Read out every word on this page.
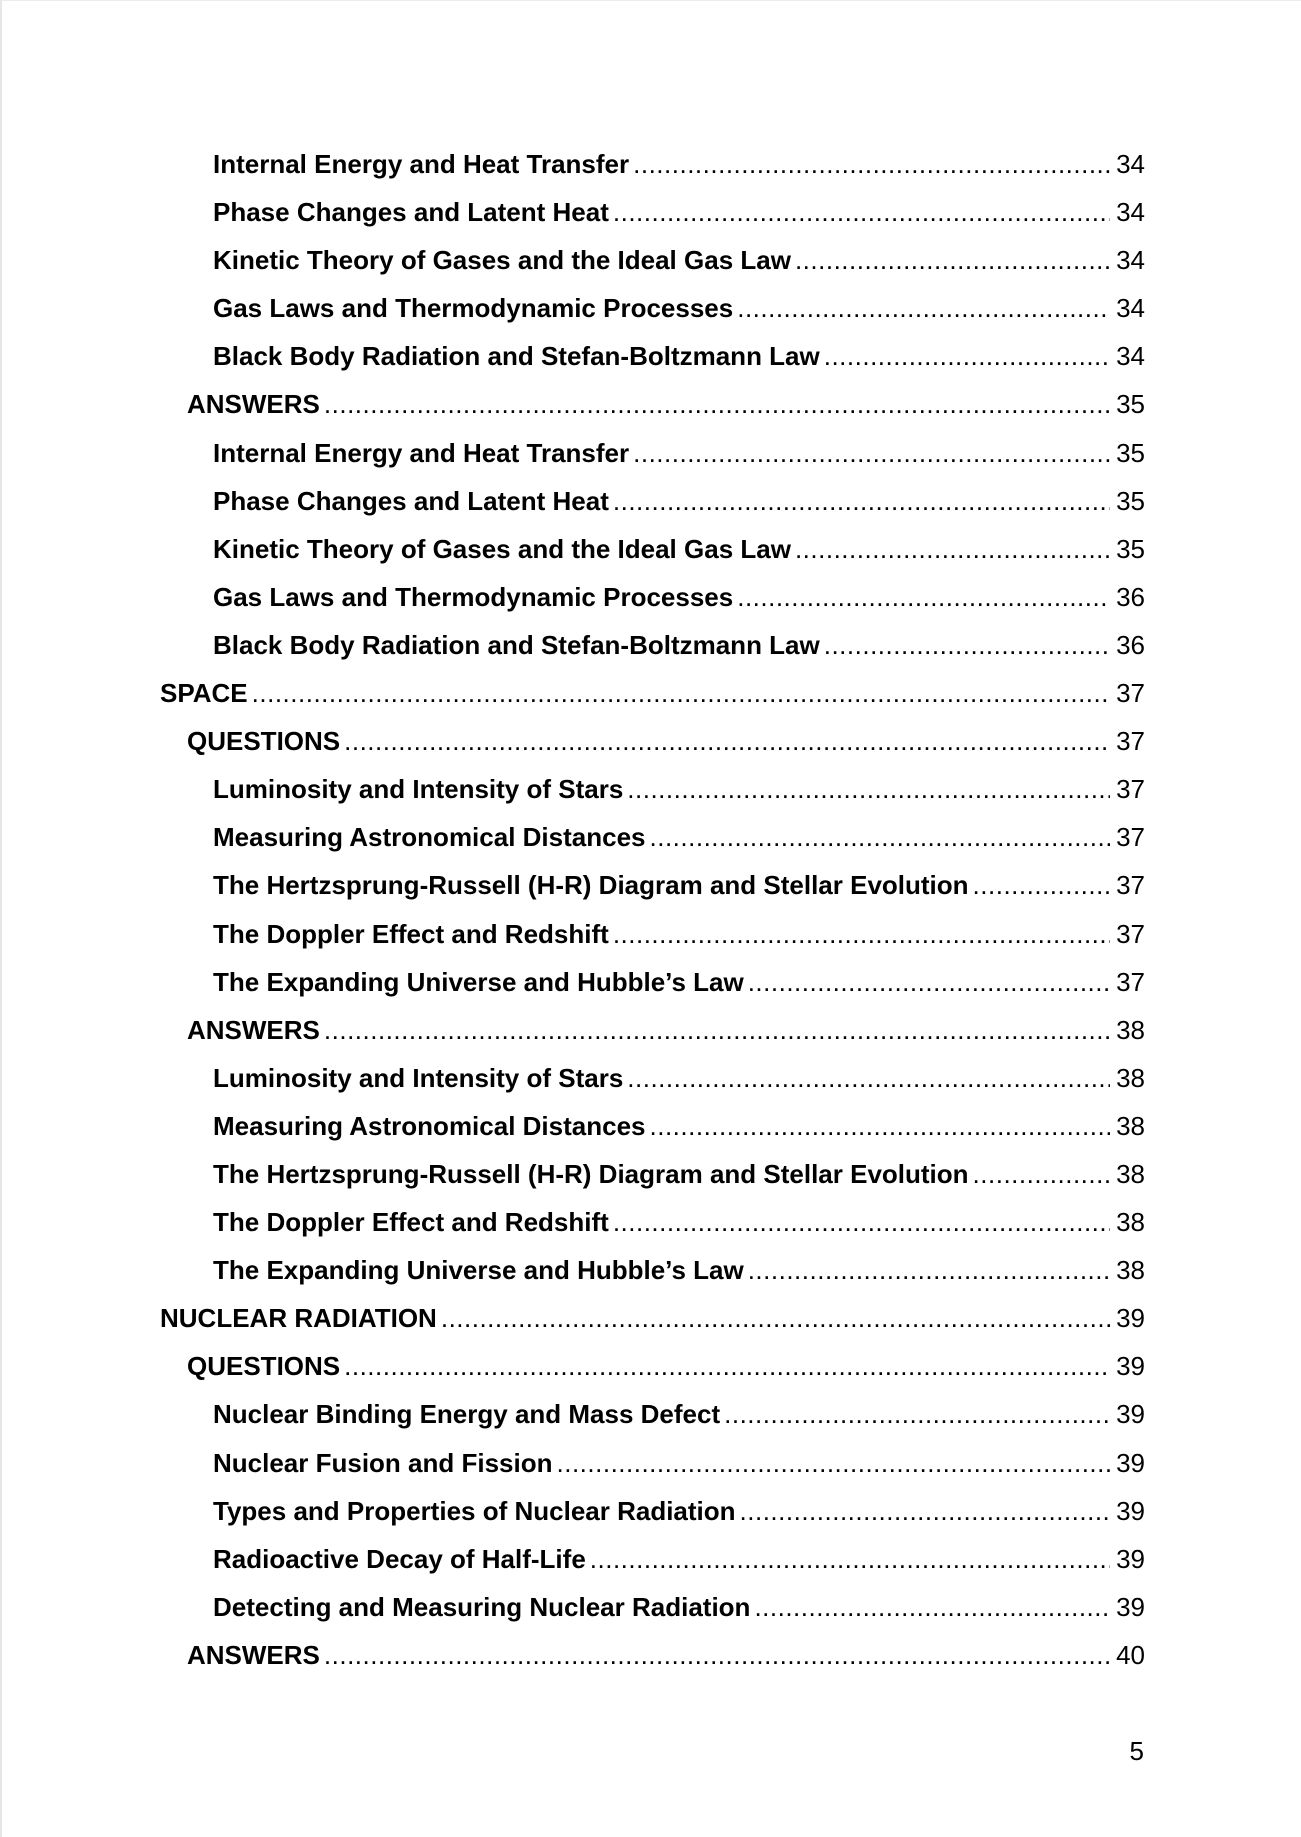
Internal Energy and Heat Transfer .....	34
Phase Changes and Latent Heat .....	34
Kinetic Theory of Gases and the Ideal Gas Law .....	34
Gas Laws and Thermodynamic Processes .....	34
Black Body Radiation and Stefan-Boltzmann Law .....	34
ANSWERS .....	35
Internal Energy and Heat Transfer .....	35
Phase Changes and Latent Heat .....	35
Kinetic Theory of Gases and the Ideal Gas Law .....	35
Gas Laws and Thermodynamic Processes .....	36
Black Body Radiation and Stefan-Boltzmann Law .....	36
SPACE .....	37
QUESTIONS .....	37
Luminosity and Intensity of Stars .....	37
Measuring Astronomical Distances .....	37
The Hertzsprung-Russell (H-R) Diagram and Stellar Evolution .....	37
The Doppler Effect and Redshift .....	37
The Expanding Universe and Hubble’s Law .....	37
ANSWERS .....	38
Luminosity and Intensity of Stars .....	38
Measuring Astronomical Distances .....	38
The Hertzsprung-Russell (H-R) Diagram and Stellar Evolution .....	38
The Doppler Effect and Redshift .....	38
The Expanding Universe and Hubble’s Law .....	38
NUCLEAR RADIATION .....	39
QUESTIONS .....	39
Nuclear Binding Energy and Mass Defect .....	39
Nuclear Fusion and Fission .....	39
Types and Properties of Nuclear Radiation .....	39
Radioactive Decay of Half-Life .....	39
Detecting and Measuring Nuclear Radiation .....	39
ANSWERS .....	40
5
